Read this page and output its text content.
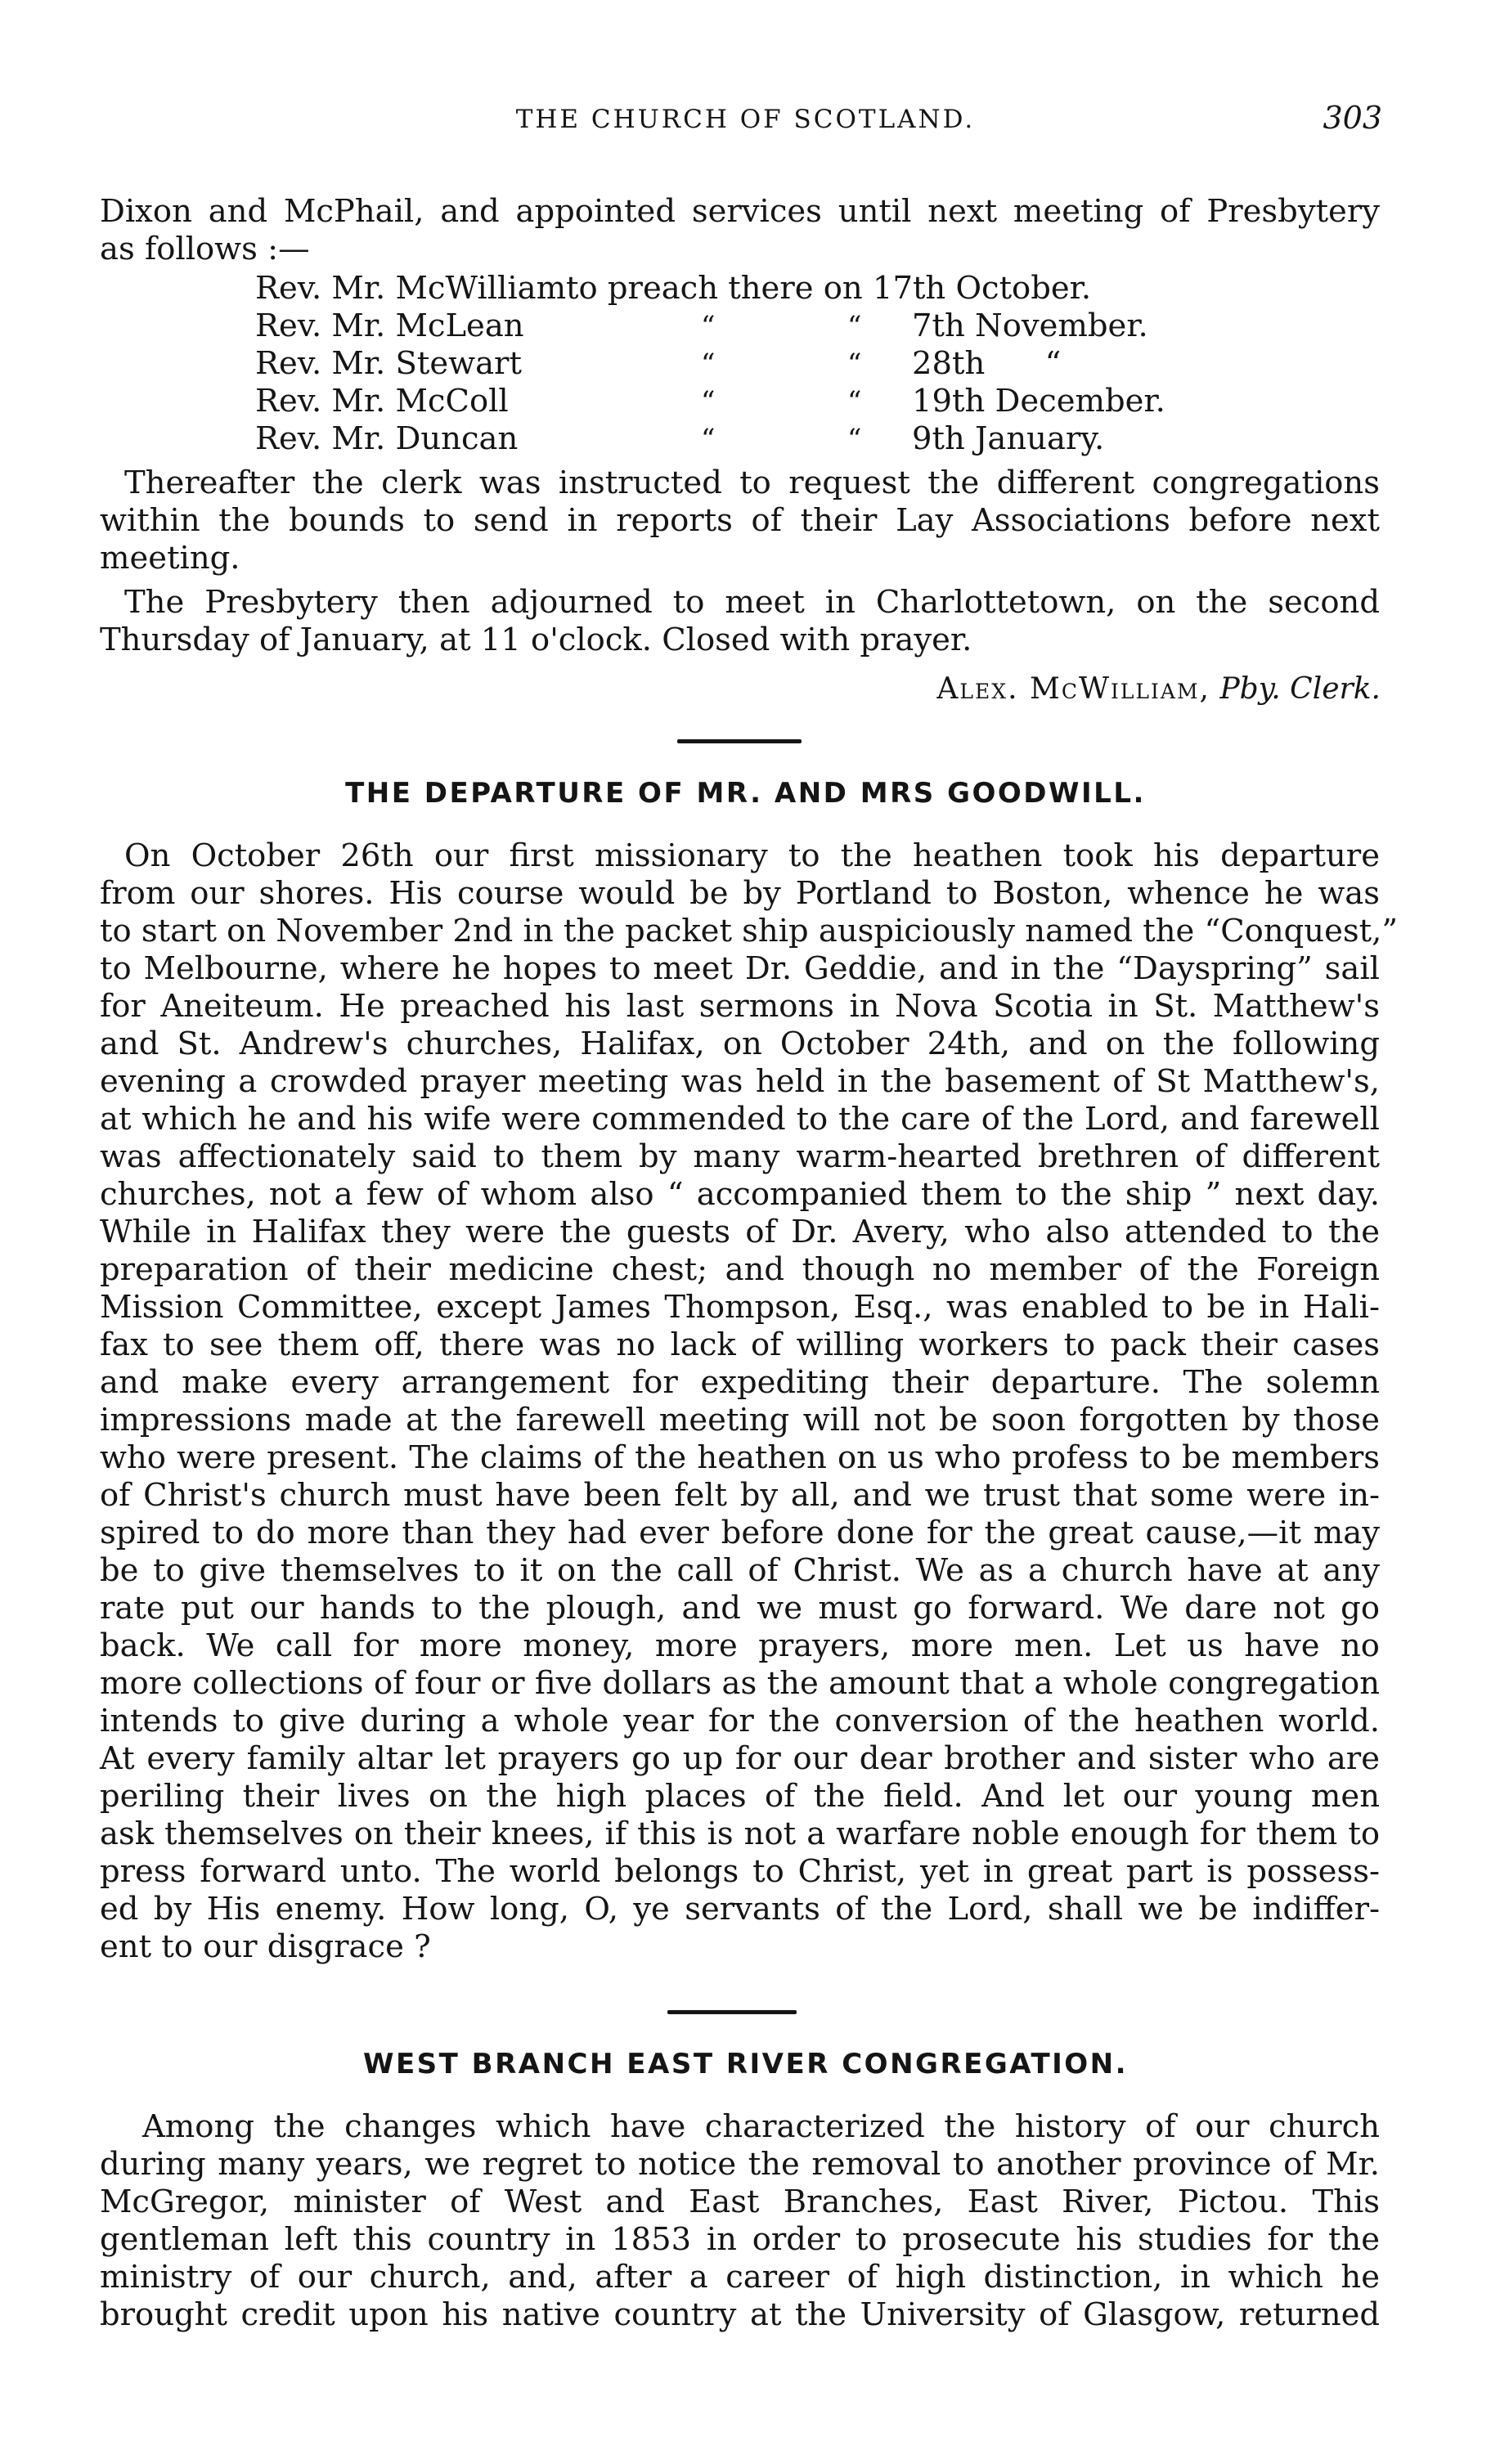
THE CHURCH OF SCOTLAND.	303
Dixon and McPhail, and appointed services until next meeting of Presbytery
as follows :—
Rev. Mr. McWilliam to preach there on 17th October.
Rev. Mr. McLean	“	“ 7th November.
Rev. Mr. Stewart	“	“ 28th      “
Rev. Mr. McColl	“	“ 19th December.
Rev. Mr. Duncan	“	“ 9th January.
Thereafter the clerk was instructed to request the different congregations
within the bounds to send in reports of their Lay Associations before next
meeting.
The Presbytery then adjourned to meet in Charlottetown, on the second
Thursday of January, at 11 o'clock. Closed with prayer.
Alex. McWilliam, Pby. Clerk.
THE DEPARTURE OF MR. AND MRS GOODWILL.
On October 26th our first missionary to the heathen took his departure
from our shores. His course would be by Portland to Boston, whence he was
to start on November 2nd in the packet ship auspiciously named the “Conquest,”
to Melbourne, where he hopes to meet Dr. Geddie, and in the “Dayspring” sail
for Aneiteum. He preached his last sermons in Nova Scotia in St. Matthew's
and St. Andrew's churches, Halifax, on October 24th, and on the following
evening a crowded prayer meeting was held in the basement of St Matthew's,
at which he and his wife were commended to the care of the Lord, and farewell
was affectionately said to them by many warm-hearted brethren of different
churches, not a few of whom also “ accompanied them to the ship ” next day.
While in Halifax they were the guests of Dr. Avery, who also attended to the
preparation of their medicine chest; and though no member of the Foreign
Mission Committee, except James Thompson, Esq., was enabled to be in Hali-
fax to see them off, there was no lack of willing workers to pack their cases
and make every arrangement for expediting their departure. The solemn
impressions made at the farewell meeting will not be soon forgotten by those
who were present. The claims of the heathen on us who profess to be members
of Christ's church must have been felt by all, and we trust that some were in-
spired to do more than they had ever before done for the great cause,—it may
be to give themselves to it on the call of Christ. We as a church have at any
rate put our hands to the plough, and we must go forward. We dare not go
back. We call for more money, more prayers, more men. Let us have no
more collections of four or five dollars as the amount that a whole congregation
intends to give during a whole year for the conversion of the heathen world.
At every family altar let prayers go up for our dear brother and sister who are
periling their lives on the high places of the field. And let our young men
ask themselves on their knees, if this is not a warfare noble enough for them to
press forward unto. The world belongs to Christ, yet in great part is possess-
ed by His enemy. How long, O, ye servants of the Lord, shall we be indiffer-
ent to our disgrace ?
WEST BRANCH EAST RIVER CONGREGATION.
Among the changes which have characterized the history of our church
during many years, we regret to notice the removal to another province of Mr.
McGregor, minister of West and East Branches, East River, Pictou. This
gentleman left this country in 1853 in order to prosecute his studies for the
ministry of our church, and, after a career of high distinction, in which he
brought credit upon his native country at the University of Glasgow, returned
